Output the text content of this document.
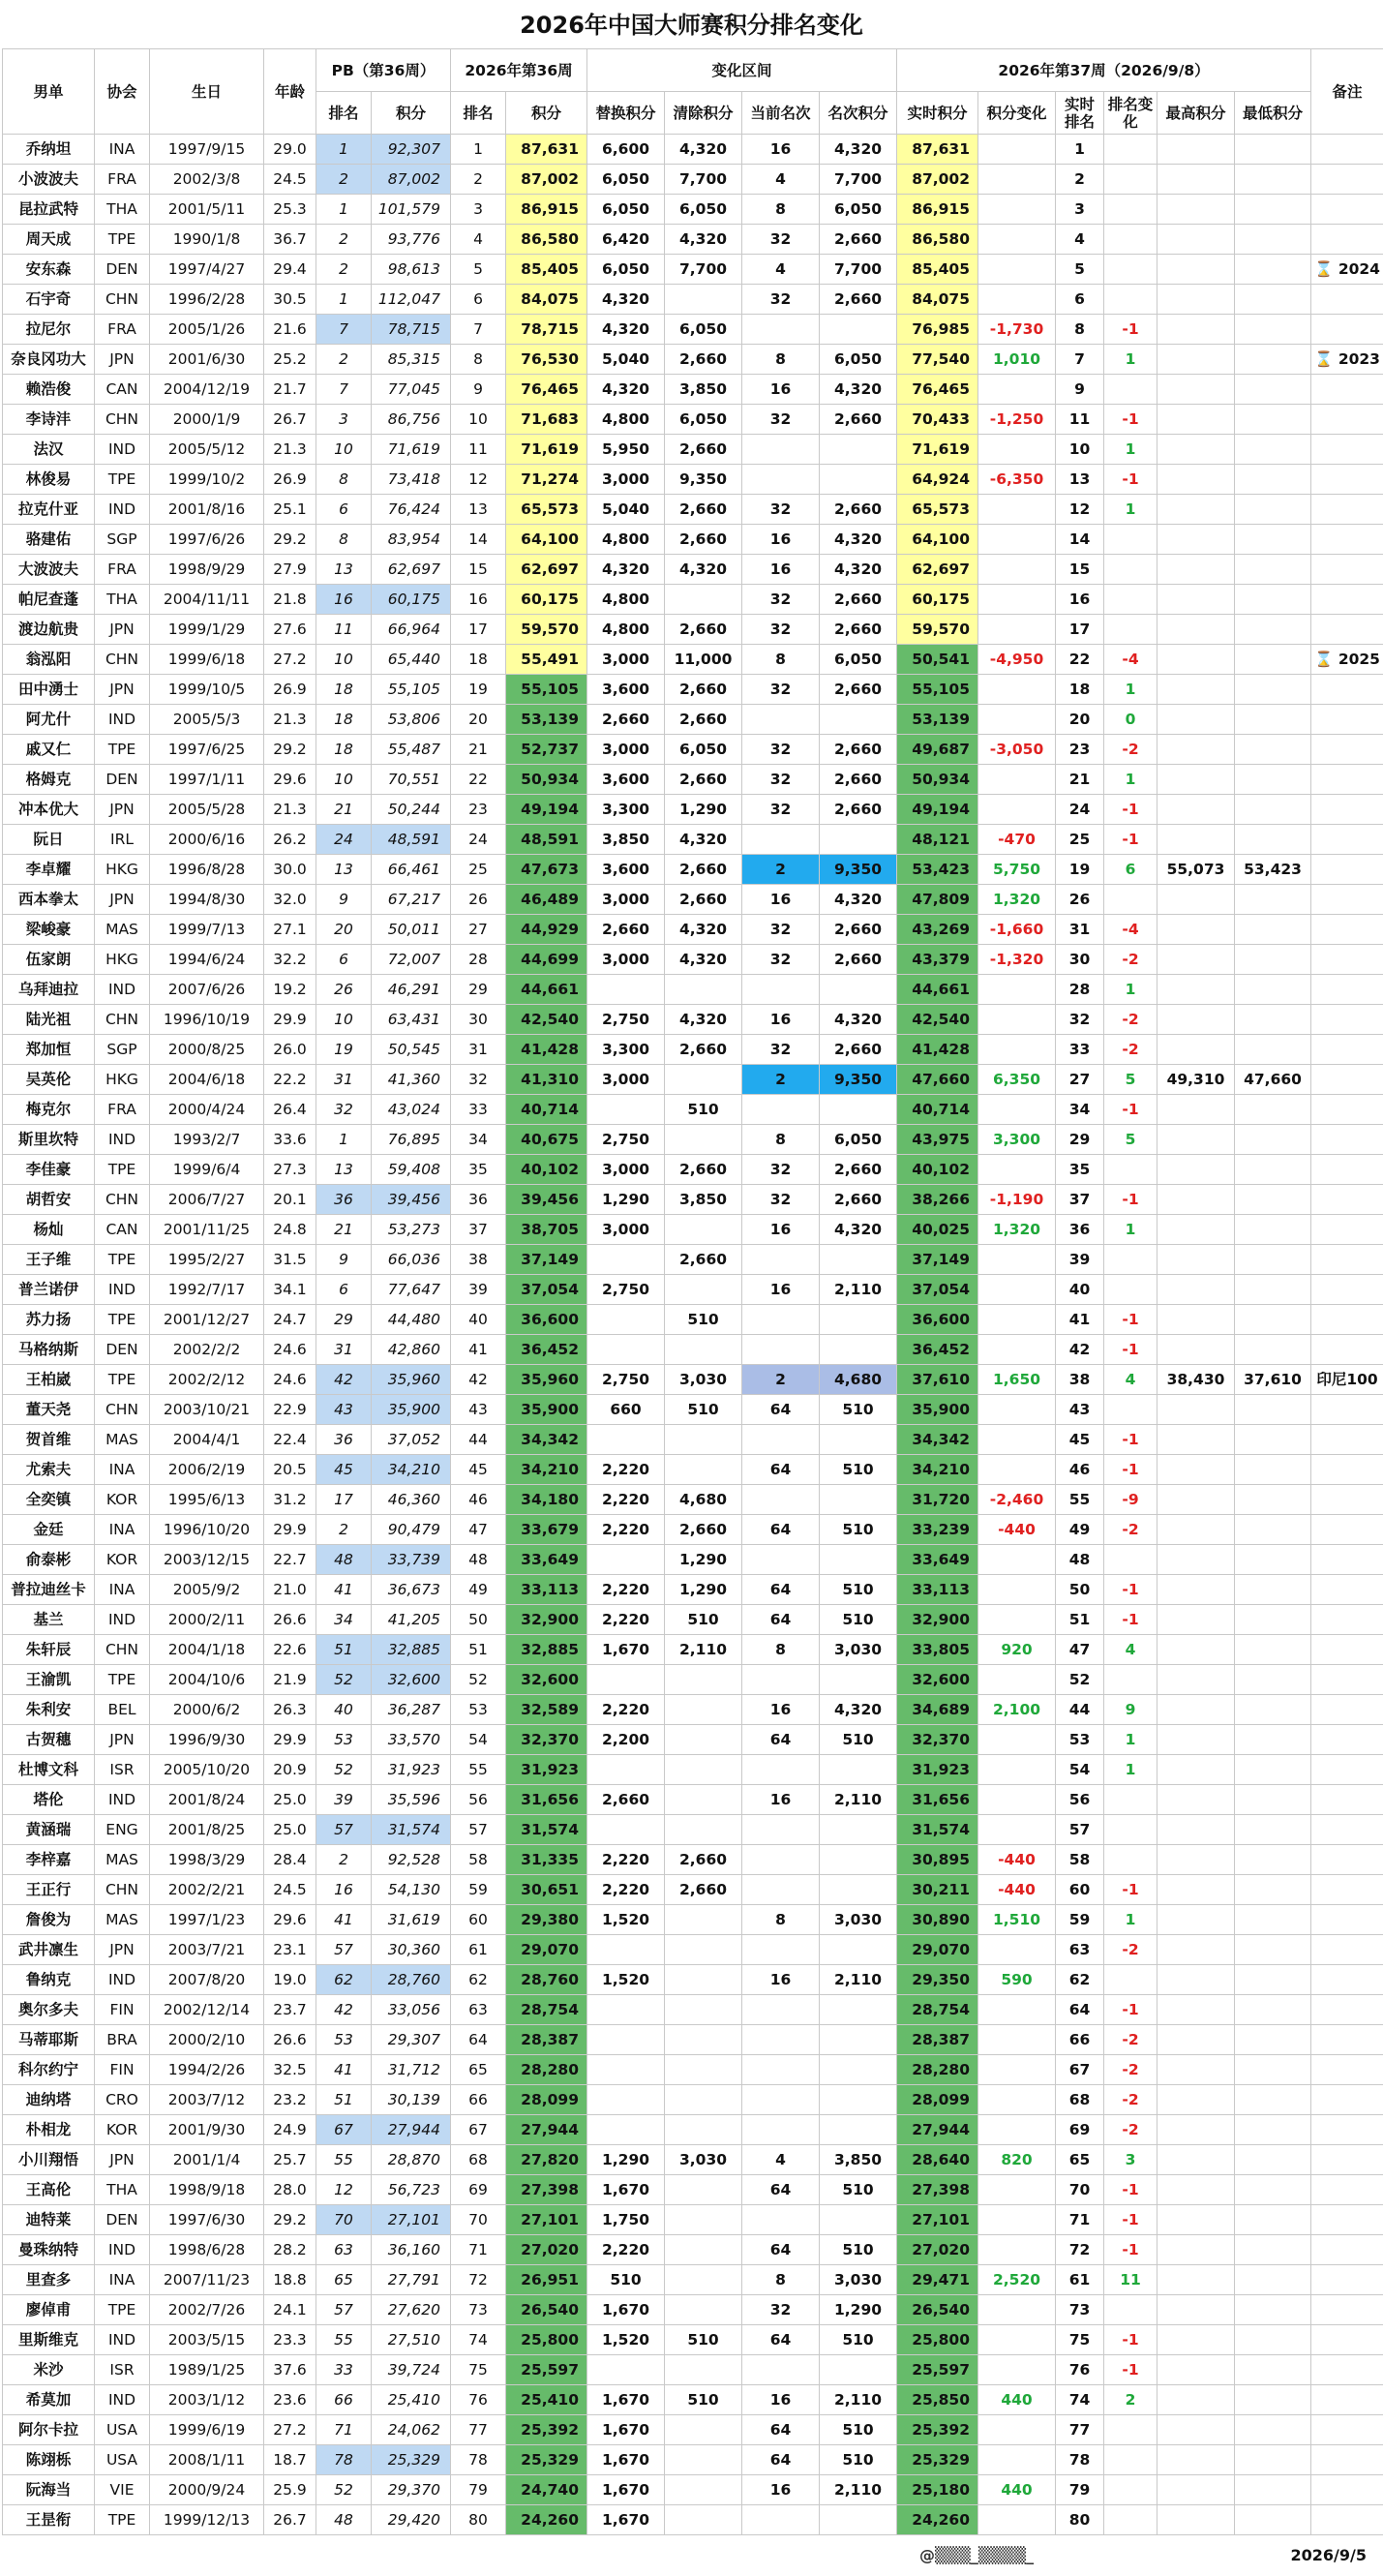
2026年中国大师赛积分排名变化
男单	协会	生日	年龄	PB（第36周）		2026年第36周		变化区间				2026年第37周（2026/9/8）						备注
				排名	积分	排名	积分	替换积分	清除积分	当前名次	名次积分	实时积分	积分变化	实时排名	排名变化	最高积分	最低积分	
乔纳坦	INA	1997/9/15	29.0	1	92,307	1	87,631	6,600	4,320	16	4,320	87,631		1				
小波波夫	FRA	2002/3/8	24.5	2	87,002	2	87,002	6,050	7,700	4	7,700	87,002		2				
昆拉武特	THA	2001/5/11	25.3	1	101,579	3	86,915	6,050	6,050	8	6,050	86,915		3				
周天成	TPE	1990/1/8	36.7	2	93,776	4	86,580	6,420	4,320	32	2,660	86,580		4				
安东森	DEN	1997/4/27	29.4	2	98,613	5	85,405	6,050	7,700	4	7,700	85,405		5				⌛ 2024
石宇奇	CHN	1996/2/28	30.5	1	112,047	6	84,075	4,320		32	2,660	84,075		6				
拉尼尔	FRA	2005/1/26	21.6	7	78,715	7	78,715	4,320	6,050			76,985	-1,730	8	-1			
奈良冈功大	JPN	2001/6/30	25.2	2	85,315	8	76,530	5,040	2,660	8	6,050	77,540	1,010	7	1			⌛ 2023
赖浩俊	CAN	2004/12/19	21.7	7	77,045	9	76,465	4,320	3,850	16	4,320	76,465		9				
李诗沣	CHN	2000/1/9	26.7	3	86,756	10	71,683	4,800	6,050	32	2,660	70,433	-1,250	11	-1			
法汉	IND	2005/5/12	21.3	10	71,619	11	71,619	5,950	2,660			71,619		10	1			
林俊易	TPE	1999/10/2	26.9	8	73,418	12	71,274	3,000	9,350			64,924	-6,350	13	-1			
拉克什亚	IND	2001/8/16	25.1	6	76,424	13	65,573	5,040	2,660	32	2,660	65,573		12	1			
骆建佑	SGP	1997/6/26	29.2	8	83,954	14	64,100	4,800	2,660	16	4,320	64,100		14				
大波波夫	FRA	1998/9/29	27.9	13	62,697	15	62,697	4,320	4,320	16	4,320	62,697		15				
帕尼查蓬	THA	2004/11/11	21.8	16	60,175	16	60,175	4,800		32	2,660	60,175		16				
渡边航贵	JPN	1999/1/29	27.6	11	66,964	17	59,570	4,800	2,660	32	2,660	59,570		17				
翁泓阳	CHN	1999/6/18	27.2	10	65,440	18	55,491	3,000	11,000	8	6,050	50,541	-4,950	22	-4			⌛ 2025
田中湧士	JPN	1999/10/5	26.9	18	55,105	19	55,105	3,600	2,660	32	2,660	55,105		18	1			
阿尤什	IND	2005/5/3	21.3	18	53,806	20	53,139	2,660	2,660			53,139		20	0			
戚又仁	TPE	1997/6/25	29.2	18	55,487	21	52,737	3,000	6,050	32	2,660	49,687	-3,050	23	-2			
格姆克	DEN	1997/1/11	29.6	10	70,551	22	50,934	3,600	2,660	32	2,660	50,934		21	1			
冲本优大	JPN	2005/5/28	21.3	21	50,244	23	49,194	3,300	1,290	32	2,660	49,194		24	-1			
阮日	IRL	2000/6/16	26.2	24	48,591	24	48,591	3,850	4,320			48,121	-470	25	-1			
李卓耀	HKG	1996/8/28	30.0	13	66,461	25	47,673	3,600	2,660	2	9,350	53,423	5,750	19	6	55,073	53,423	
西本拳太	JPN	1994/8/30	32.0	9	67,217	26	46,489	3,000	2,660	16	4,320	47,809	1,320	26				
梁峻豪	MAS	1999/7/13	27.1	20	50,011	27	44,929	2,660	4,320	32	2,660	43,269	-1,660	31	-4			
伍家朗	HKG	1994/6/24	32.2	6	72,007	28	44,699	3,000	4,320	32	2,660	43,379	-1,320	30	-2			
乌拜迪拉	IND	2007/6/26	19.2	26	46,291	29	44,661					44,661		28	1			
陆光祖	CHN	1996/10/19	29.9	10	63,431	30	42,540	2,750	4,320	16	4,320	42,540		32	-2			
郑加恒	SGP	2000/8/25	26.0	19	50,545	31	41,428	3,300	2,660	32	2,660	41,428		33	-2			
吴英伦	HKG	2004/6/18	22.2	31	41,360	32	41,310	3,000		2	9,350	47,660	6,350	27	5	49,310	47,660	
梅克尔	FRA	2000/4/24	26.4	32	43,024	33	40,714		510			40,714		34	-1			
斯里坎特	IND	1993/2/7	33.6	1	76,895	34	40,675	2,750		8	6,050	43,975	3,300	29	5			
李佳豪	TPE	1999/6/4	27.3	13	59,408	35	40,102	3,000	2,660	32	2,660	40,102		35				
胡哲安	CHN	2006/7/27	20.1	36	39,456	36	39,456	1,290	3,850	32	2,660	38,266	-1,190	37	-1			
杨灿	CAN	2001/11/25	24.8	21	53,273	37	38,705	3,000		16	4,320	40,025	1,320	36	1			
王子维	TPE	1995/2/27	31.5	9	66,036	38	37,149		2,660			37,149		39				
普兰诺伊	IND	1992/7/17	34.1	6	77,647	39	37,054	2,750		16	2,110	37,054		40				
苏力扬	TPE	2001/12/27	24.7	29	44,480	40	36,600		510			36,600		41	-1			
马格纳斯	DEN	2002/2/2	24.6	31	42,860	41	36,452					36,452		42	-1			
王柏崴	TPE	2002/2/12	24.6	42	35,960	42	35,960	2,750	3,030	2	4,680	37,610	1,650	38	4	38,430	37,610	印尼100
董天尧	CHN	2003/10/21	22.9	43	35,900	43	35,900	660	510	64	510	35,900		43				
贺首维	MAS	2004/4/1	22.4	36	37,052	44	34,342					34,342		45	-1			
尤索夫	INA	2006/2/19	20.5	45	34,210	45	34,210	2,220		64	510	34,210		46	-1			
全奕镇	KOR	1995/6/13	31.2	17	46,360	46	34,180	2,220	4,680			31,720	-2,460	55	-9			
金廷	INA	1996/10/20	29.9	2	90,479	47	33,679	2,220	2,660	64	510	33,239	-440	49	-2			
俞泰彬	KOR	2003/12/15	22.7	48	33,739	48	33,649		1,290			33,649		48				
普拉迪丝卡	INA	2005/9/2	21.0	41	36,673	49	33,113	2,220	1,290	64	510	33,113		50	-1			
基兰	IND	2000/2/11	26.6	34	41,205	50	32,900	2,220	510	64	510	32,900		51	-1			
朱轩辰	CHN	2004/1/18	22.6	51	32,885	51	32,885	1,670	2,110	8	3,030	33,805	920	47	4			
王渝凯	TPE	2004/10/6	21.9	52	32,600	52	32,600					32,600		52				
朱利安	BEL	2000/6/2	26.3	40	36,287	53	32,589	2,220		16	4,320	34,689	2,100	44	9			
古贺穗	JPN	1996/9/30	29.9	53	33,570	54	32,370	2,200		64	510	32,370		53	1			
杜博文科	ISR	2005/10/20	20.9	52	31,923	55	31,923					31,923		54	1			
塔伦	IND	2001/8/24	25.0	39	35,596	56	31,656	2,660		16	2,110	31,656		56				
黄涵瑞	ENG	2001/8/25	25.0	57	31,574	57	31,574					31,574		57				
李梓嘉	MAS	1998/3/29	28.4	2	92,528	58	31,335	2,220	2,660			30,895	-440	58				
王正行	CHN	2002/2/21	24.5	16	54,130	59	30,651	2,220	2,660			30,211	-440	60	-1			
詹俊为	MAS	1997/1/23	29.6	41	31,619	60	29,380	1,520		8	3,030	30,890	1,510	59	1			
武井凛生	JPN	2003/7/21	23.1	57	30,360	61	29,070					29,070		63	-2			
鲁纳克	IND	2007/8/20	19.0	62	28,760	62	28,760	1,520		16	2,110	29,350	590	62				
奥尔多夫	FIN	2002/12/14	23.7	42	33,056	63	28,754					28,754		64	-1			
马蒂耶斯	BRA	2000/2/10	26.6	53	29,307	64	28,387					28,387		66	-2			
科尔约宁	FIN	1994/2/26	32.5	41	31,712	65	28,280					28,280		67	-2			
迪纳塔	CRO	2003/7/12	23.2	51	30,139	66	28,099					28,099		68	-2			
朴相龙	KOR	2001/9/30	24.9	67	27,944	67	27,944					27,944		69	-2			
小川翔悟	JPN	2001/1/4	25.7	55	28,870	68	27,820	1,290	3,030	4	3,850	28,640	820	65	3			
王高伦	THA	1998/9/18	28.0	12	56,723	69	27,398	1,670		64	510	27,398		70	-1			
迪特莱	DEN	1997/6/30	29.2	70	27,101	70	27,101	1,750				27,101		71	-1			
曼珠纳特	IND	1998/6/28	28.2	63	36,160	71	27,020	2,220		64	510	27,020		72	-1			
里查多	INA	2007/11/23	18.8	65	27,791	72	26,951	510		8	3,030	29,471	2,520	61	11			
廖倬甫	TPE	2002/7/26	24.1	57	27,620	73	26,540	1,670		32	1,290	26,540		73				
里斯维克	IND	2003/5/15	23.3	55	27,510	74	25,800	1,520	510	64	510	25,800		75	-1			
米沙	ISR	1989/1/25	37.6	33	39,724	75	25,597					25,597		76	-1			
希莫加	IND	2003/1/12	23.6	66	25,410	76	25,410	1,670	510	16	2,110	25,850	440	74	2			
阿尔卡拉	USA	1999/6/19	27.2	71	24,062	77	25,392	1,670		64	510	25,392		77				
陈翊栎	USA	2008/1/11	18.7	78	25,329	78	25,329	1,670		64	510	25,329		78				
阮海当	VIE	2000/9/24	25.9	52	29,370	79	24,740	1,670		16	2,110	25,180	440	79				
王昰衔	TPE	1999/12/13	26.7	48	29,420	80	24,260	1,670				24,260		80				
@▒▒▒_▒▒▒▒_	2026/9/5
